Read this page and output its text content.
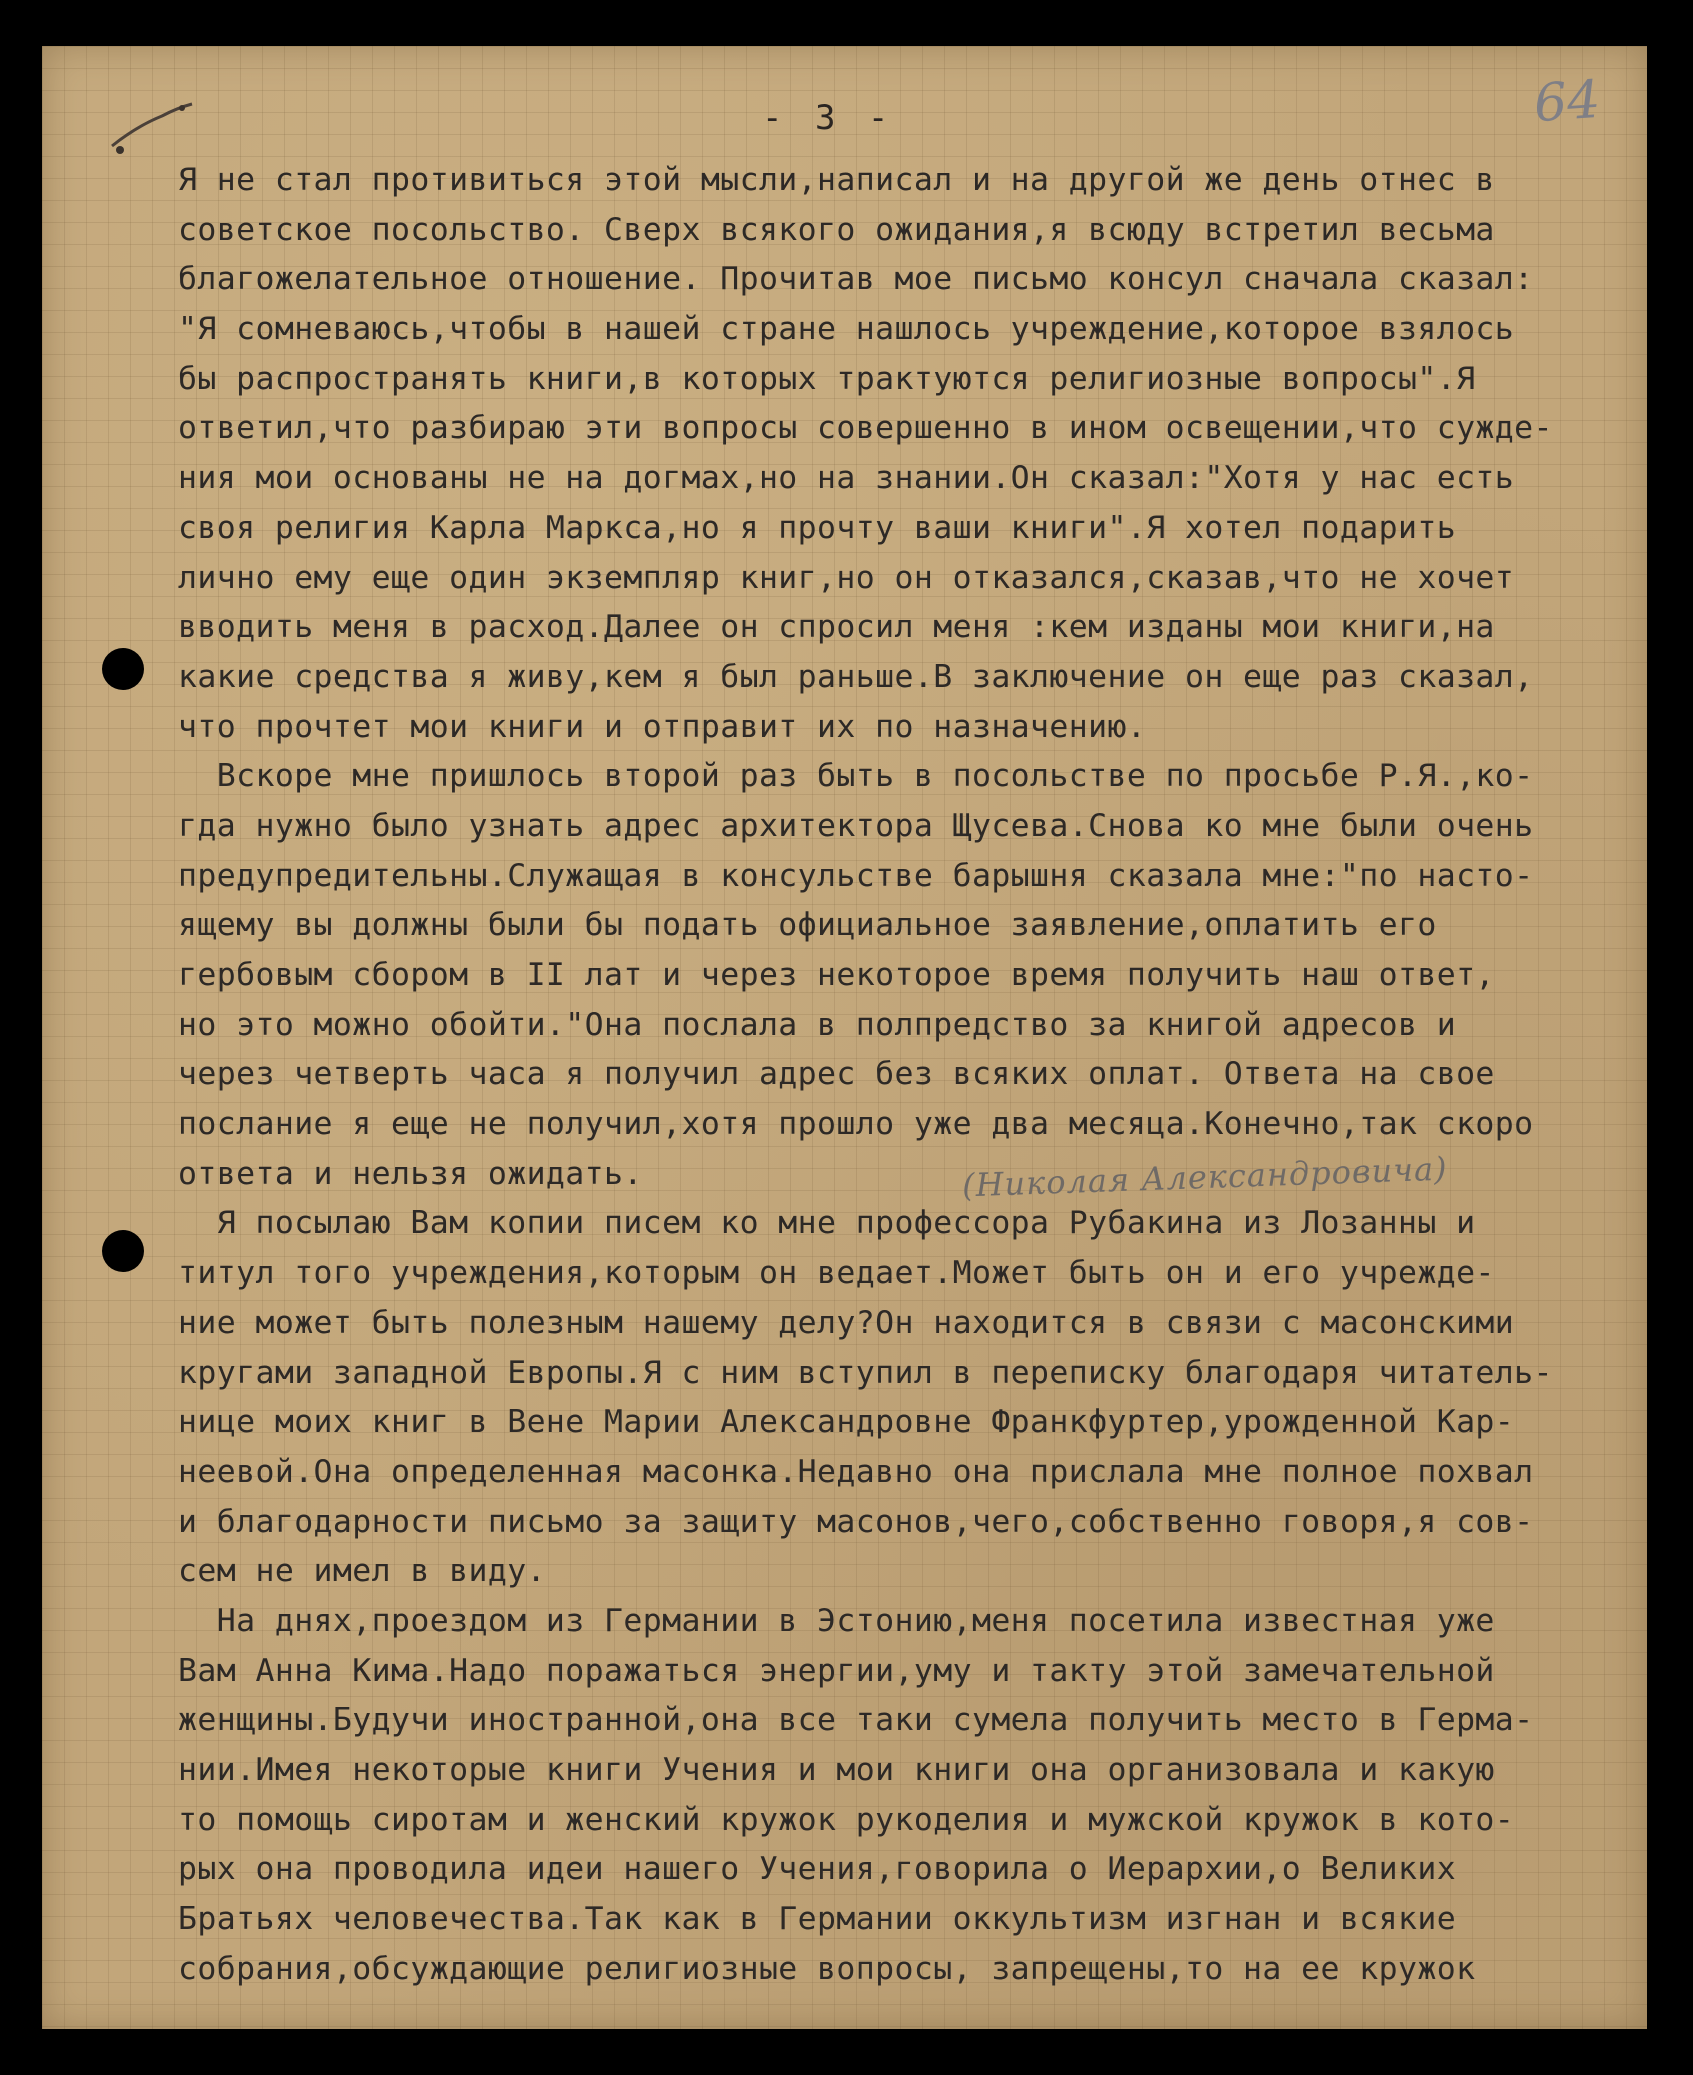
64
- 3 -
Я не стал противиться этой мысли,написал и на другой же день отнес в
советское посольство. Сверх всякого ожидания,я всюду встретил весьма
благожелательное отношение. Прочитав мое письмо консул сначала сказал:
"Я сомневаюсь,чтобы в нашей стране нашлось учреждение,которое взялось
бы распространять книги,в которых трактуются религиозные вопросы".Я
ответил,что разбираю эти вопросы совершенно в ином освещении,что сужде-
ния мои основаны не на догмах,но на знании.Он сказал:"Хотя у нас есть
своя религия Карла Маркса,но я прочту ваши книги".Я хотел подарить
лично ему еще один экземпляр книг,но он отказался,сказав,что не хочет
вводить меня в расход.Далее он спросил меня :кем изданы мои книги,на
какие средства я живу,кем я был раньше.В заключение он еще раз сказал,
что прочтет мои книги и отправит их по назначению.
Вскоре мне пришлось второй раз быть в посольстве по просьбе Р.Я.,ко-
гда нужно было узнать адрес архитектора Щусева.Снова ко мне были очень
предупредительны.Служащая в консульстве барышня сказала мне:"по насто-
ящему вы должны были бы подать официальное заявление,оплатить его
гербовым сбором в II лат и через некоторое время получить наш ответ,
но это можно обойти."Она послала в полпредство за книгой адресов и
через четверть часа я получил адрес без всяких оплат. Ответа на свое
послание я еще не получил,хотя прошло уже два месяца.Конечно,так скоро
ответа и нельзя ожидать.
Я посылаю Вам копии писем ко мне профессора Рубакина из Лозанны и
титул того учреждения,которым он ведает.Может быть он и его учрежде-
ние может быть полезным нашему делу?Он находится в связи с масонскими
кругами западной Европы.Я с ним вступил в переписку благодаря читатель-
нице моих книг в Вене Марии Александровне Франкфуртер,урожденной Кар-
неевой.Она определенная масонка.Недавно она прислала мне полное похвал
и благодарности письмо за защиту масонов,чего,собственно говоря,я сов-
сем не имел в виду.
На днях,проездом из Германии в Эстонию,меня посетила известная уже
Вам Анна Кима.Надо поражаться энергии,уму и такту этой замечательной
женщины.Будучи иностранной,она все таки сумела получить место в Герма-
нии.Имея некоторые книги Учения и мои книги она организовала и какую
то помощь сиротам и женский кружок рукоделия и мужской кружок в кото-
рых она проводила идеи нашего Учения,говорила о Иерархии,о Великих
Братьях человечества.Так как в Германии оккультизм изгнан и всякие
собрания,обсуждающие религиозные вопросы, запрещены,то на ее кружок
(Николая Александровича)
